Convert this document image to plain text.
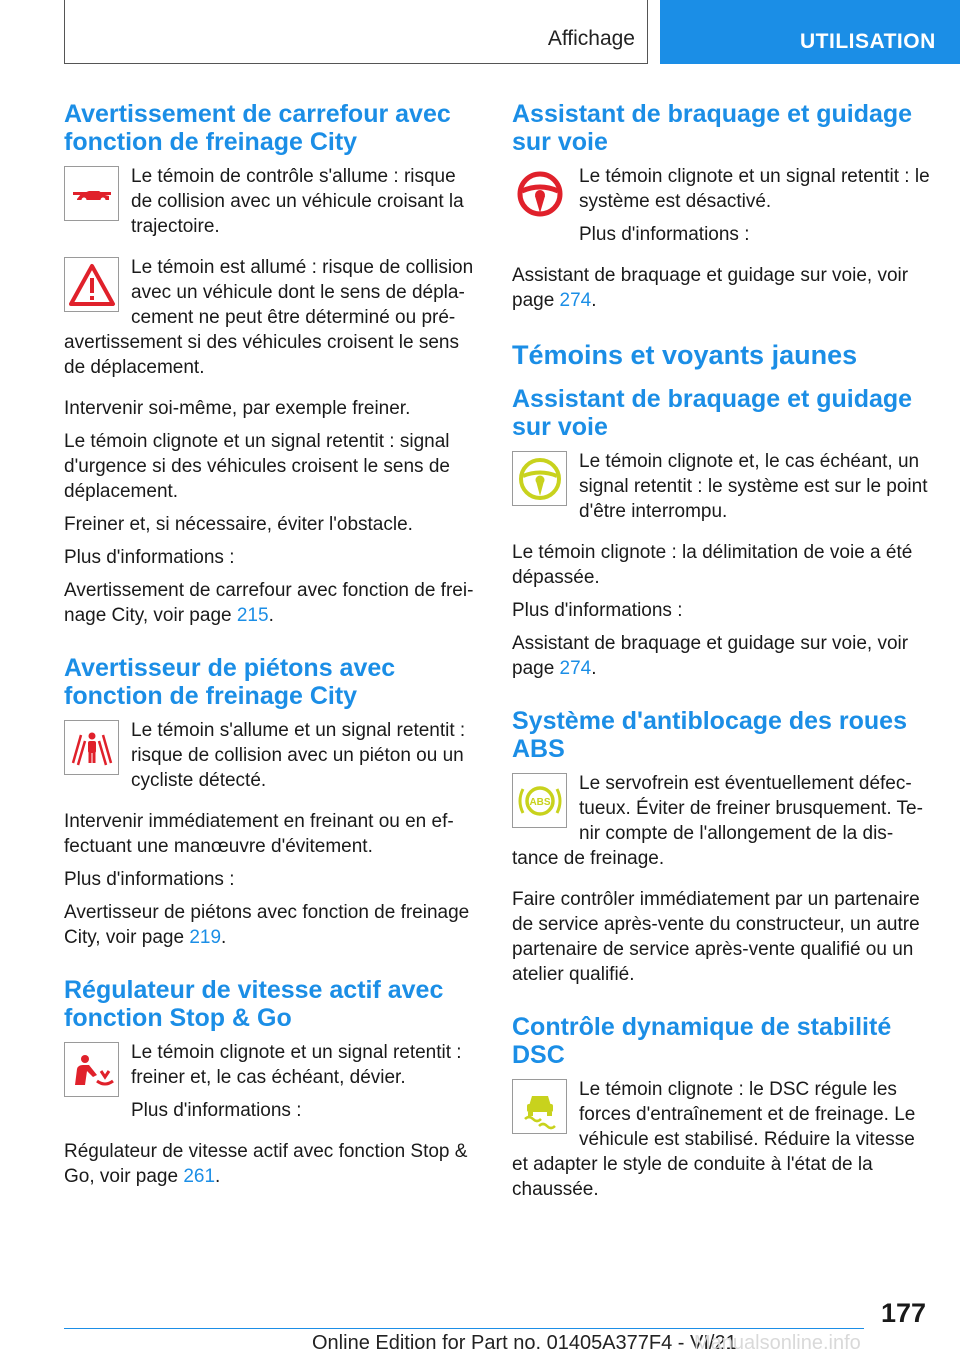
Affichage	UTILISATION
Avertissement de carrefour avec fonction de freinage City

Le témoin de contrôle s'allume : risque de collision avec un véhicule croisant la trajectoire.

Le témoin est allumé : risque de collision avec un véhicule dont le sens de déplacement ne peut être déterminé ou préavertissement si des véhicules croisent le sens de déplacement.

Intervenir soi-même, par exemple freiner.

Le témoin clignote et un signal retentit : signal d'urgence si des véhicules croisent le sens de déplacement.

Freiner et, si nécessaire, éviter l'obstacle.

Plus d'informations :

Avertissement de carrefour avec fonction de freinage City, voir page 215.

Avertisseur de piétons avec fonction de freinage City

Le témoin s'allume et un signal retentit : risque de collision avec un piéton ou un cycliste détecté.

Intervenir immédiatement en freinant ou en effectuant une manœuvre d'évitement.

Plus d'informations :

Avertisseur de piétons avec fonction de freinage City, voir page 219.

Régulateur de vitesse actif avec fonction Stop & Go

Le témoin clignote et un signal retentit : freiner et, le cas échéant, dévier.

Plus d'informations :

Régulateur de vitesse actif avec fonction Stop & Go, voir page 261.

Assistant de braquage et guidage sur voie

Le témoin clignote et un signal retentit : le système est désactivé.

Plus d'informations :

Assistant de braquage et guidage sur voie, voir page 274.

Témoins et voyants jaunes
Assistant de braquage et guidage sur voie

Le témoin clignote et, le cas échéant, un signal retentit : le système est sur le point d'être interrompu.

Le témoin clignote : la délimitation de voie a été dépassée.

Plus d'informations :

Assistant de braquage et guidage sur voie, voir page 274.

Système d'antiblocage des roues ABS
ABS

Le servofrein est éventuellement défectueux. Éviter de freiner brusquement. Tenir compte de l'allongement de la distance de freinage.

Faire contrôler immédiatement par un partenaire de service après-vente du constructeur, un autre partenaire de service après-vente qualifié ou un atelier qualifié.

Contrôle dynamique de stabilité DSC

Le témoin clignote : le DSC régule les forces d'entraînement et de freinage. Le véhicule est stabilisé. Réduire la vitesse et adapter le style de conduite à l'état de la chaussée.

177
Online Edition for Part no. 01405A377F4 - VI/21
Manualsonline.info
